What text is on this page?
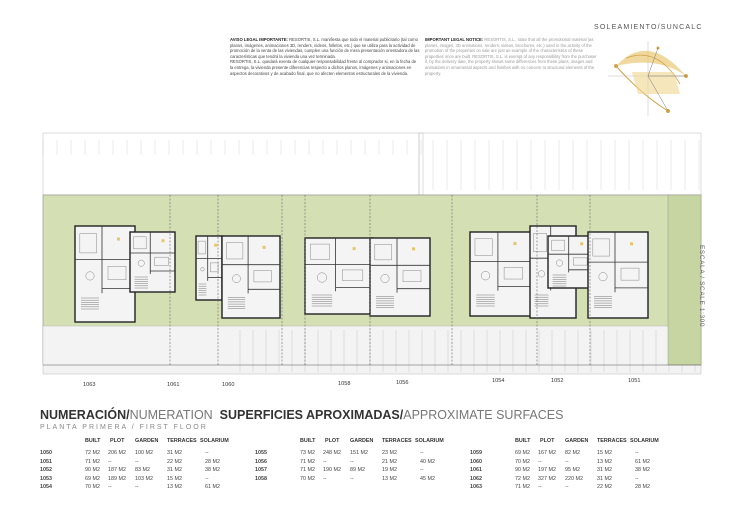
AVISO LEGAL IMPORTANTE: RESORTIS, S.L. manifiesta que todo el material publicitario (tal como planos, imágenes, animaciones 3D, renders, vídeos, folletos, etc.) que se utiliza para la actividad de promoción de la venta de las viviendas, cumplen una función de mera presentación orientadora de las características que tendrá la vivienda una vez terminada.
RESORTIS, S.L. quedará exenta de cualquier responsabilidad frente al comprador si, en la fecha de la entrega, la vivienda presente diferencias respecto a dichos planos, imágenes y animaciones en aspectos decorativos y de acabado final, que no afecten elementos estructurales de la vivienda.
IMPORTANT LEGAL NOTICE: RESORTIS, S.L., state that all the promotional material (as planes, images, 3D animations, renders, videos, brochures, etc.) used in the activity of the promotion of the properties on sale are just an example of the characteristics of these properties once are built. RESORTIS, S.L. is exempt of any responsibility from the purchaser if, by the delivery date, the property shows some differences from these plans, images and animations in ornamental aspects and finishes with no concern to structural elements of the property.
SOLEAMIENTO/SUNCALC
1063	1061	1060	1058	1056	1054	1052	1051
ESCALA / SCALE 1:300
NUMERACIÓN/NUMERATION SUPERFICIES APROXIMADAS/APPROXIMATE SURFACES
PLANTA PRIMERA / FIRST FLOOR
BUILT PLOT GARDEN TERRACES SOLARIUM
1050	72 M2 206 M2 100 M2	31 M2	--
1051	71 M2 --	--	22 M2	28 M2
1052	90 M2 187 M2 83 M2	31 M2	38 M2
1053	69 M2 189 M2 103 M2	15 M2	--
1054	70 M2 --	--	13 M2	61 M2
BUILT PLOT GARDEN TERRACES SOLARIUM
1055	73 M2 248 M2 151 M2	23 M2	--
1056	71 M2 --	--	21 M2	40 M2
1057	71 M2 190 M2 89 M2	19 M2	--
1058	70 M2 --	--	13 M2	45 M2
BUILT PLOT GARDEN TERRACES SOLARIUM
1059	69 M2 167 M2 82 M2	15 M2	--
1060	70 M2 --	--	13 M2	61 M2
1061	90 M2 197 M2 95 M2	31 M2	38 M2
1062	72 M2 327 M2 220 M2	31 M2	--
1063	71 M2 --	--	22 M2	28 M2
